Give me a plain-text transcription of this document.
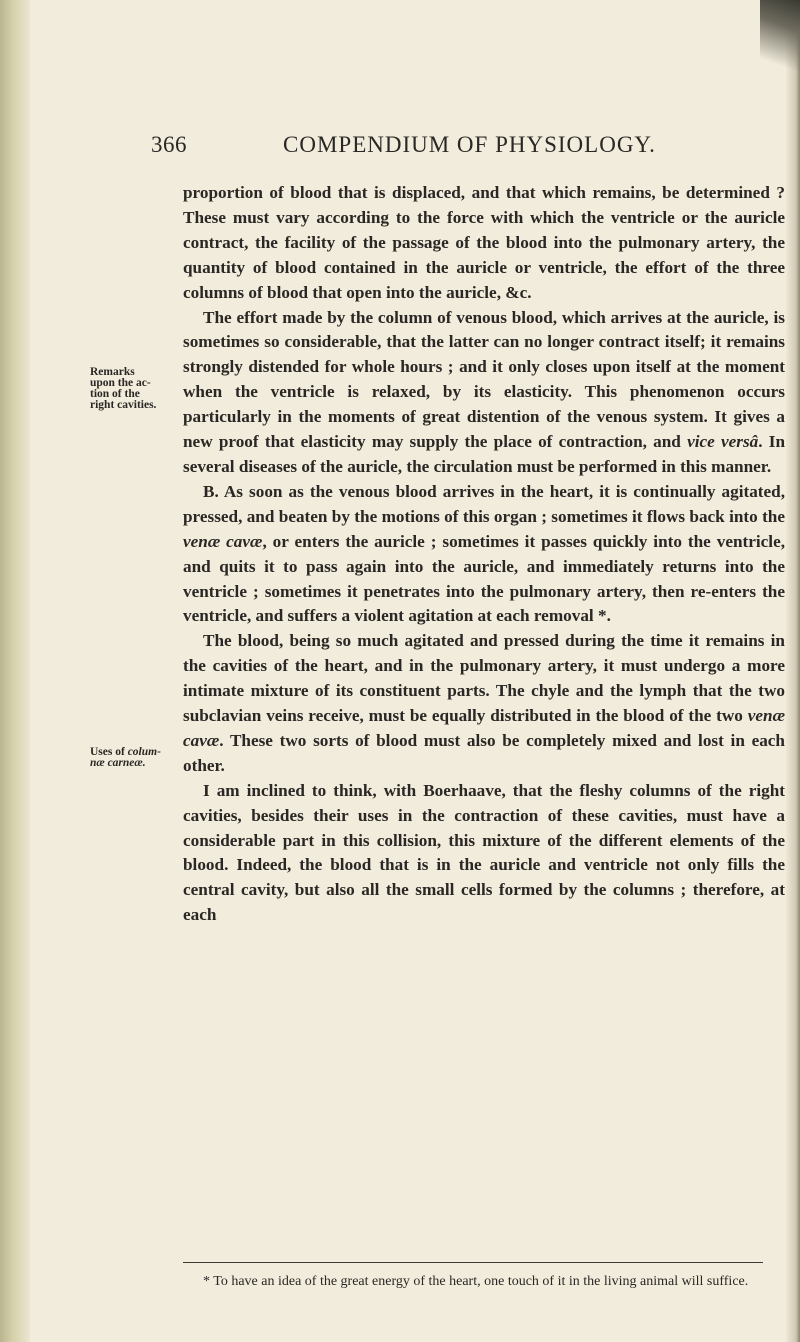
366	COMPENDIUM OF PHYSIOLOGY.
Remarks
upon the ac-
tion of the
right cavities.
Uses of colum-
næ carneæ.

proportion of blood that is displaced, and that which remains, be determined ? These must vary according to the force with which the ventricle or the auricle contract, the facility of the passage of the blood into the pulmonary artery, the quantity of blood contained in the auricle or ventricle, the effort of the three columns of blood that open into the auricle, &c.

The effort made by the column of venous blood, which arrives at the auricle, is sometimes so considerable, that the latter can no longer contract itself; it remains strongly distended for whole hours ; and it only closes upon itself at the moment when the ventricle is relaxed, by its elasticity. This phenomenon occurs particularly in the moments of great distention of the venous system. It gives a new proof that elasticity may supply the place of contraction, and vice versâ. In several diseases of the auricle, the circulation must be performed in this manner.

B. As soon as the venous blood arrives in the heart, it is continually agitated, pressed, and beaten by the motions of this organ ; sometimes it flows back into the venæ cavæ, or enters the auricle ; sometimes it passes quickly into the ventricle, and quits it to pass again into the auricle, and immediately returns into the ventricle ; sometimes it penetrates into the pulmonary artery, then re-enters the ventricle, and suffers a violent agitation at each removal *.

The blood, being so much agitated and pressed during the time it remains in the cavities of the heart, and in the pulmonary artery, it must undergo a more intimate mixture of its constituent parts. The chyle and the lymph that the two subclavian veins receive, must be equally distributed in the blood of the two venæ cavæ. These two sorts of blood must also be completely mixed and lost in each other.

I am inclined to think, with Boerhaave, that the fleshy columns of the right cavities, besides their uses in the contraction of these cavities, must have a considerable part in this collision, this mixture of the different elements of the blood. Indeed, the blood that is in the auricle and ventricle not only fills the central cavity, but also all the small cells formed by the columns ; therefore, at each

* To have an idea of the great energy of the heart, one touch of it in the living animal will suffice.
